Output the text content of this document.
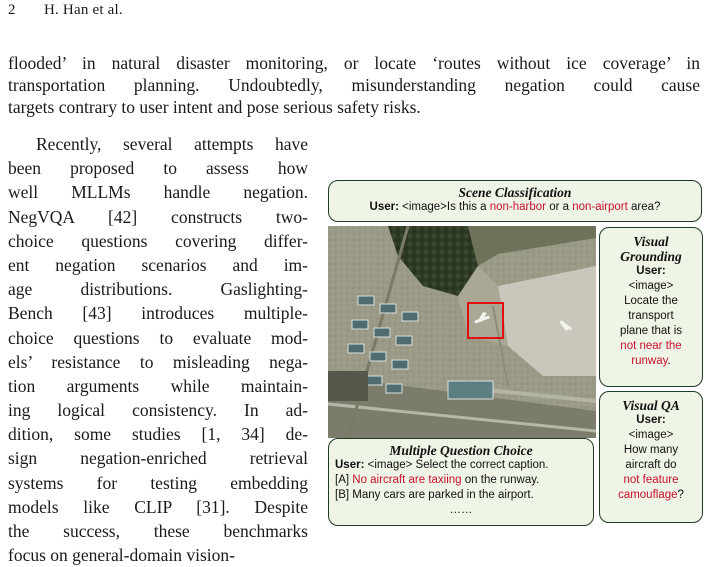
2 H. Han et al.
flooded’ in natural disaster monitoring, or locate ‘routes without ice coverage’ in
transportation planning. Undoubtedly, misunderstanding negation could cause
targets contrary to user intent and pose serious safety risks.
Recently, several attempts have
been proposed to assess how
well MLLMs handle negation.
NegVQA [42] constructs two-
choice questions covering differ-
ent negation scenarios and im-
age distributions. Gaslighting-
Bench [43] introduces multiple-
choice questions to evaluate mod-
els’ resistance to misleading nega-
tion arguments while maintain-
ing logical consistency. In ad-
dition, some studies [1, 34] de-
sign negation-enriched retrieval
systems for testing embedding
models like CLIP [31]. Despite
the success, these benchmarks
focus on general-domain vision-
Scene Classification
User: <image>Is this a non-harbor or a non-airport area?
Visual
Grounding
User:
<image>
Locate the
transport
plane that is
not near the
runway.
Visual QA
User:
<image>
How many
aircraft do
not feature
camouflage?
Multiple Question Choice
User: <image> Select the correct caption.
[A] No aircraft are taxiing on the runway.
[B] Many cars are parked in the airport.
……
